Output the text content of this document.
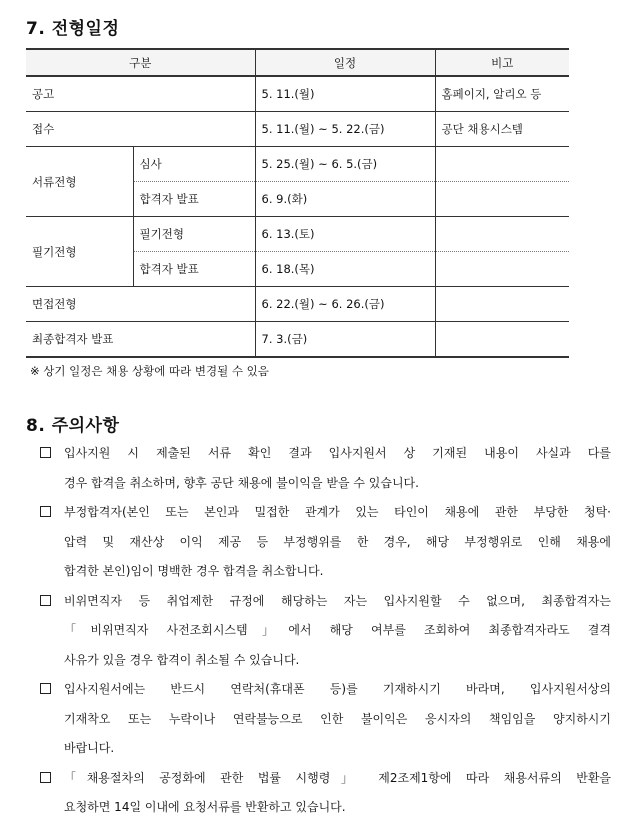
7. 전형일정
구분		일정	비고
공고		5. 11.(월)	홈페이지, 알리오 등
접수		5. 11.(월) ~ 5. 22.(금)	공단 채용시스템
서류전형	심사	5. 25.(월) ~ 6. 5.(금)	
	합격자 발표	6. 9.(화)	
필기전형	필기전형	6. 13.(토)	
	합격자 발표	6. 18.(목)	
면접전형		6. 22.(월) ~ 6. 26.(금)	
최종합격자 발표		7. 3.(금)	
※ 상기 일정은 채용 상황에 따라 변경될 수 있음
8. 주의사항
입사지원 시 제출된 서류 확인 결과 입사지원서 상 기재된 내용이 사실과 다를
경우 합격을 취소하며, 향후 공단 채용에 불이익을 받을 수 있습니다.
부정합격자(본인 또는 본인과 밀접한 관계가 있는 타인이 채용에 관한 부당한 청탁·
압력 및 재산상 이익 제공 등 부정행위를 한 경우, 해당 부정행위로 인해 채용에
합격한 본인)임이 명백한 경우 합격을 취소합니다.
비위면직자 등 취업제한 규정에 해당하는 자는 입사지원할 수 없으며, 최종합격자는
「비위면직자 사전조회시스템」에서 해당 여부를 조회하여 최종합격자라도 결격
사유가 있을 경우 합격이 취소될 수 있습니다.
입사지원서에는 반드시 연락처(휴대폰 등)를 기재하시기 바라며, 입사지원서상의
기재착오 또는 누락이나 연락불능으로 인한 불이익은 응시자의 책임임을 양지하시기
바랍니다.
「채용절차의 공정화에 관한 법률 시행령」 제2조제1항에 따라 채용서류의 반환을
요청하면 14일 이내에 요청서류를 반환하고 있습니다.
